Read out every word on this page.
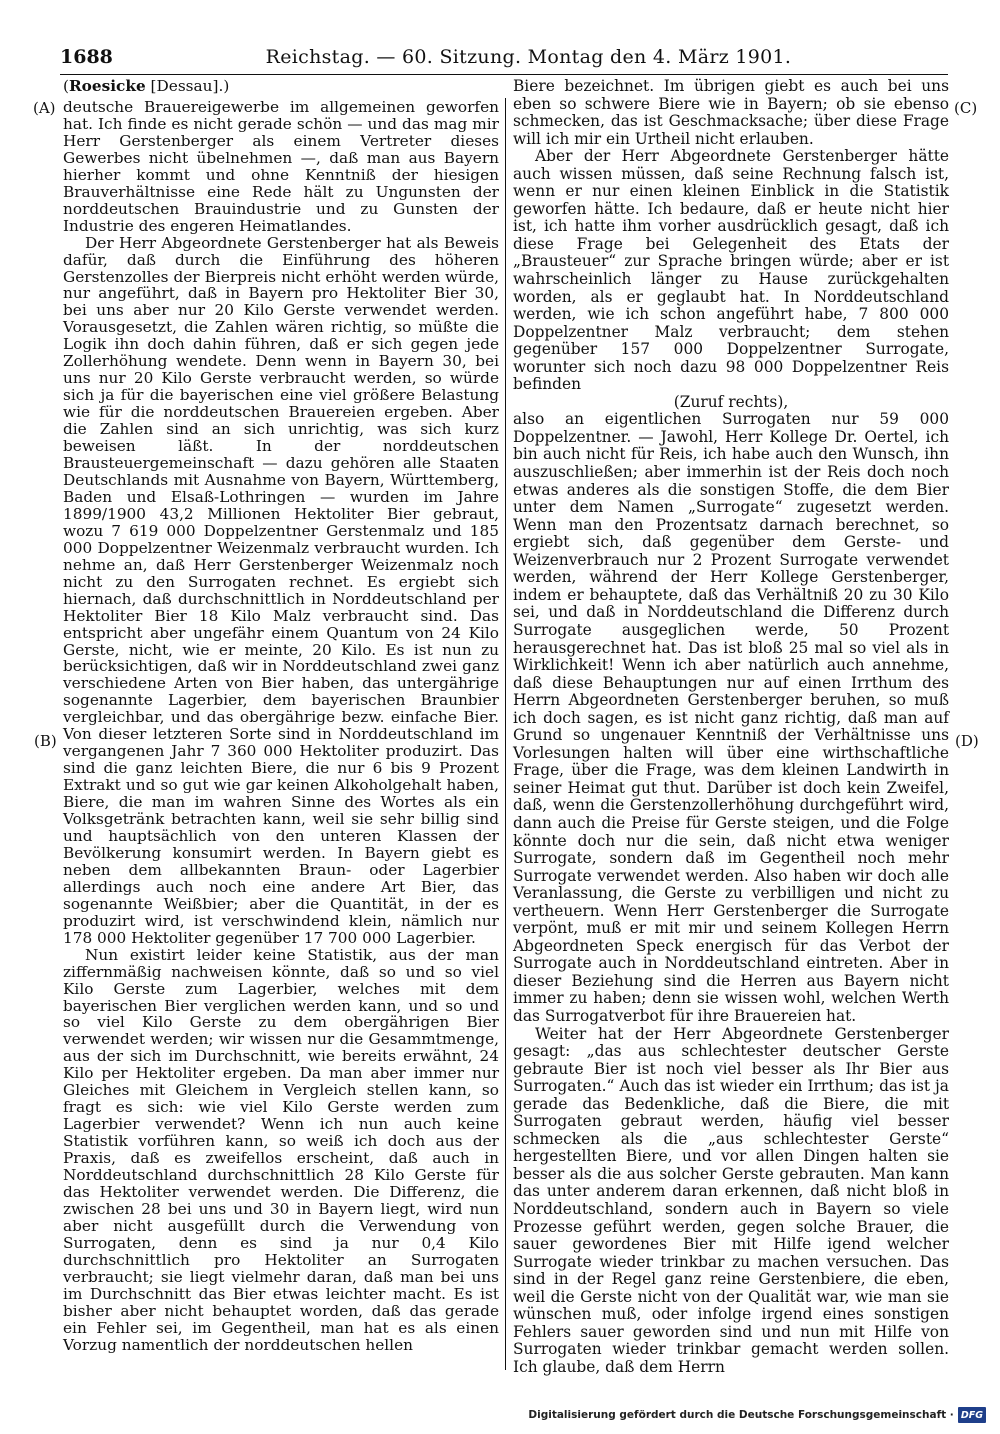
1688	Reichstag. — 60. Sitzung. Montag den 4. März 1901.
(A)
(B)
(C)
(D)
(Roesicke [Dessau].)

deutsche Brauereigewerbe im allgemeinen geworfen hat. Ich finde es nicht gerade schön — und das mag mir Herr Gerstenberger als einem Vertreter dieses Gewerbes nicht übelnehmen —, daß man aus Bayern hierher kommt und ohne Kenntniß der hiesigen Brauverhältnisse eine Rede hält zu Ungunsten der norddeutschen Brauindustrie und zu Gunsten der Industrie des engeren Heimatlandes.

Der Herr Abgeordnete Gerstenberger hat als Beweis dafür, daß durch die Einführung des höheren Gerstenzolles der Bierpreis nicht erhöht werden würde, nur angeführt, daß in Bayern pro Hektoliter Bier 30, bei uns aber nur 20 Kilo Gerste verwendet werden. Vorausgesetzt, die Zahlen wären richtig, so müßte die Logik ihn doch dahin führen, daß er sich gegen jede Zollerhöhung wendete. Denn wenn in Bayern 30, bei uns nur 20 Kilo Gerste verbraucht werden, so würde sich ja für die bayerischen eine viel größere Belastung wie für die norddeutschen Brauereien ergeben. Aber die Zahlen sind an sich unrichtig, was sich kurz beweisen läßt. In der norddeutschen Brausteuergemeinschaft — dazu gehören alle Staaten Deutschlands mit Ausnahme von Bayern, Württemberg, Baden und Elsaß-Lothringen — wurden im Jahre 1899/1900 43,2 Millionen Hektoliter Bier gebraut, wozu 7 619 000 Doppelzentner Gerstenmalz und 185 000 Doppelzentner Weizenmalz verbraucht wurden. Ich nehme an, daß Herr Gerstenberger Weizenmalz noch nicht zu den Surrogaten rechnet. Es ergiebt sich hiernach, daß durchschnittlich in Norddeutschland per Hektoliter Bier 18 Kilo Malz verbraucht sind. Das entspricht aber ungefähr einem Quantum von 24 Kilo Gerste, nicht, wie er meinte, 20 Kilo. Es ist nun zu berücksichtigen, daß wir in Norddeutschland zwei ganz verschiedene Arten von Bier haben, das untergährige sogenannte Lagerbier, dem bayerischen Braunbier vergleichbar, und das obergährige bezw. einfache Bier. Von dieser letzteren Sorte sind in Norddeutschland im vergangenen Jahr 7 360 000 Hektoliter produzirt. Das sind die ganz leichten Biere, die nur 6 bis 9 Prozent Extrakt und so gut wie gar keinen Alkoholgehalt haben, Biere, die man im wahren Sinne des Wortes als ein Volksgetränk betrachten kann, weil sie sehr billig sind und hauptsächlich von den unteren Klassen der Bevölkerung konsumirt werden. In Bayern giebt es neben dem allbekannten Braun- oder Lagerbier allerdings auch noch eine andere Art Bier, das sogenannte Weißbier; aber die Quantität, in der es produzirt wird, ist verschwindend klein, nämlich nur 178 000 Hektoliter gegenüber 17 700 000 Lagerbier.

Nun existirt leider keine Statistik, aus der man ziffernmäßig nachweisen könnte, daß so und so viel Kilo Gerste zum Lagerbier, welches mit dem bayerischen Bier verglichen werden kann, und so und so viel Kilo Gerste zu dem obergährigen Bier verwendet werden; wir wissen nur die Gesammtmenge, aus der sich im Durchschnitt, wie bereits erwähnt, 24 Kilo per Hektoliter ergeben. Da man aber immer nur Gleiches mit Gleichem in Vergleich stellen kann, so fragt es sich: wie viel Kilo Gerste werden zum Lagerbier verwendet? Wenn ich nun auch keine Statistik vorführen kann, so weiß ich doch aus der Praxis, daß es zweifellos erscheint, daß auch in Norddeutschland durchschnittlich 28 Kilo Gerste für das Hektoliter verwendet werden. Die Differenz, die zwischen 28 bei uns und 30 in Bayern liegt, wird nun aber nicht ausgefüllt durch die Verwendung von Surrogaten, denn es sind ja nur 0,4 Kilo durchschnittlich pro Hektoliter an Surrogaten verbraucht; sie liegt vielmehr daran, daß man bei uns im Durchschnitt das Bier etwas leichter macht. Es ist bisher aber nicht behauptet worden, daß das gerade ein Fehler sei, im Gegentheil, man hat es als einen Vorzug namentlich der norddeutschen hellen

Biere bezeichnet. Im übrigen giebt es auch bei uns eben so schwere Biere wie in Bayern; ob sie ebenso schmecken, das ist Geschmacksache; über diese Frage will ich mir ein Urtheil nicht erlauben.

Aber der Herr Abgeordnete Gerstenberger hätte auch wissen müssen, daß seine Rechnung falsch ist, wenn er nur einen kleinen Einblick in die Statistik geworfen hätte. Ich bedaure, daß er heute nicht hier ist, ich hatte ihm vorher ausdrücklich gesagt, daß ich diese Frage bei Gelegenheit des Etats der „Brausteuer“ zur Sprache bringen würde; aber er ist wahrscheinlich länger zu Hause zurückgehalten worden, als er geglaubt hat. In Norddeutschland werden, wie ich schon angeführt habe, 7 800 000 Doppelzentner Malz verbraucht; dem stehen gegenüber 157 000 Doppelzentner Surrogate, worunter sich noch dazu 98 000 Doppelzentner Reis befinden

(Zuruf rechts),

also an eigentlichen Surrogaten nur 59 000 Doppelzentner. — Jawohl, Herr Kollege Dr. Oertel, ich bin auch nicht für Reis, ich habe auch den Wunsch, ihn auszuschließen; aber immerhin ist der Reis doch noch etwas anderes als die sonstigen Stoffe, die dem Bier unter dem Namen „Surrogate“ zugesetzt werden. Wenn man den Prozentsatz darnach berechnet, so ergiebt sich, daß gegenüber dem Gerste- und Weizenverbrauch nur 2 Prozent Surrogate verwendet werden, während der Herr Kollege Gerstenberger, indem er behauptete, daß das Verhältniß 20 zu 30 Kilo sei, und daß in Norddeutschland die Differenz durch Surrogate ausgeglichen werde, 50 Prozent herausgerechnet hat. Das ist bloß 25 mal so viel als in Wirklichkeit! Wenn ich aber natürlich auch annehme, daß diese Behauptungen nur auf einen Irrthum des Herrn Abgeordneten Gerstenberger beruhen, so muß ich doch sagen, es ist nicht ganz richtig, daß man auf Grund so ungenauer Kenntniß der Verhältnisse uns Vorlesungen halten will über eine wirthschaftliche Frage, über die Frage, was dem kleinen Landwirth in seiner Heimat gut thut. Darüber ist doch kein Zweifel, daß, wenn die Gerstenzollerhöhung durchgeführt wird, dann auch die Preise für Gerste steigen, und die Folge könnte doch nur die sein, daß nicht etwa weniger Surrogate, sondern daß im Gegentheil noch mehr Surrogate verwendet werden. Also haben wir doch alle Veranlassung, die Gerste zu verbilligen und nicht zu vertheuern. Wenn Herr Gerstenberger die Surrogate verpönt, muß er mit mir und seinem Kollegen Herrn Abgeordneten Speck energisch für das Verbot der Surrogate auch in Norddeutschland eintreten. Aber in dieser Beziehung sind die Herren aus Bayern nicht immer zu haben; denn sie wissen wohl, welchen Werth das Surrogatverbot für ihre Brauereien hat.

Weiter hat der Herr Abgeordnete Gerstenberger gesagt: „das aus schlechtester deutscher Gerste gebraute Bier ist noch viel besser als Ihr Bier aus Surrogaten.“ Auch das ist wieder ein Irrthum; das ist ja gerade das Bedenkliche, daß die Biere, die mit Surrogaten gebraut werden, häufig viel besser schmecken als die „aus schlechtester Gerste“ hergestellten Biere, und vor allen Dingen halten sie besser als die aus solcher Gerste gebrauten. Man kann das unter anderem daran erkennen, daß nicht bloß in Norddeutschland, sondern auch in Bayern so viele Prozesse geführt werden, gegen solche Brauer, die sauer gewordenes Bier mit Hilfe igend welcher Surrogate wieder trinkbar zu machen versuchen. Das sind in der Regel ganz reine Gerstenbiere, die eben, weil die Gerste nicht von der Qualität war, wie man sie wünschen muß, oder infolge irgend eines sonstigen Fehlers sauer geworden sind und nun mit Hilfe von Surrogaten wieder trinkbar gemacht werden sollen. Ich glaube, daß dem Herrn

Digitalisierung gefördert durch die Deutsche Forschungsgemeinschaft · DFG
